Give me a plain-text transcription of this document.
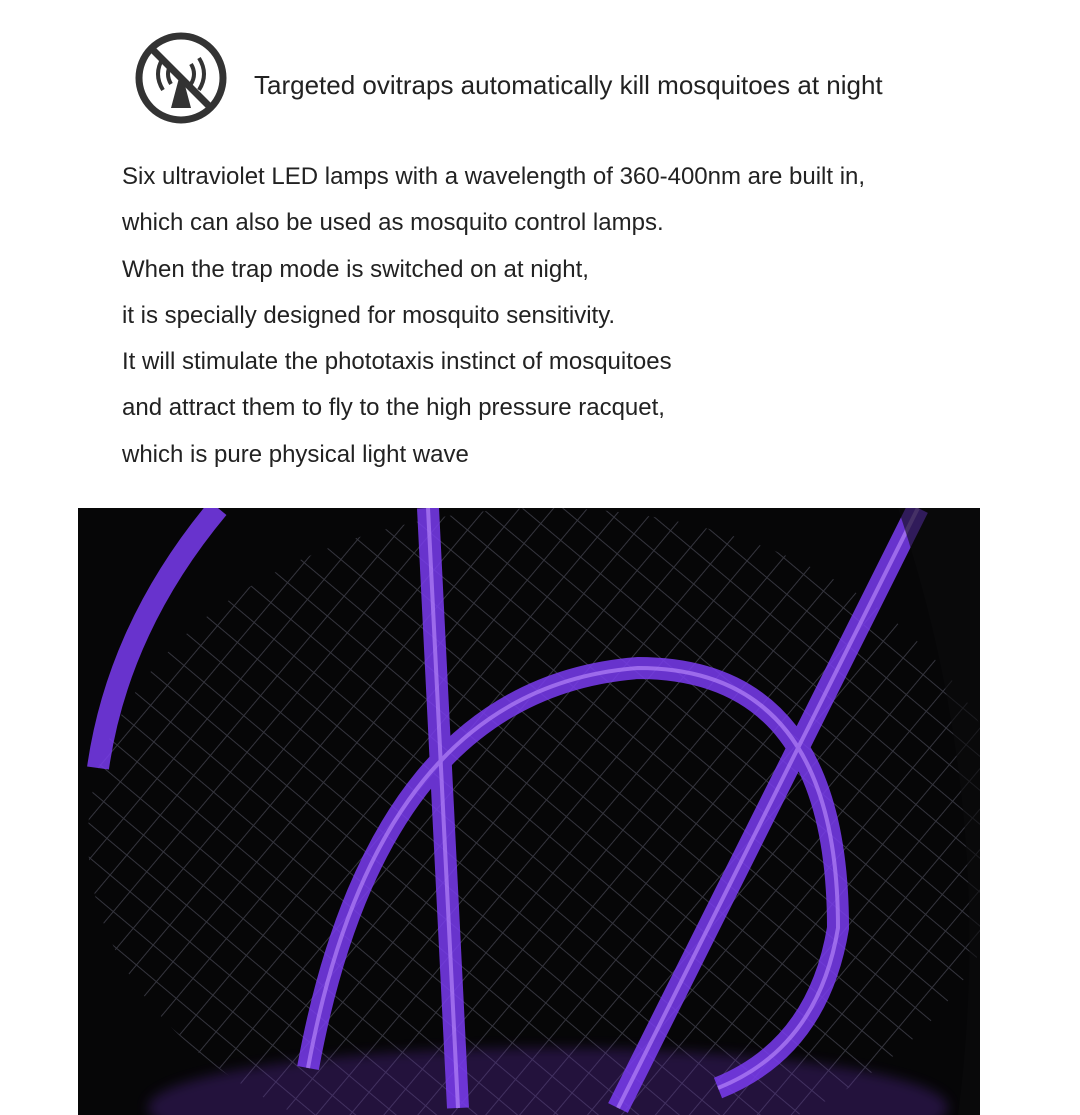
Targeted ovitraps automatically kill mosquitoes at night
Six ultraviolet LED lamps with a wavelength of 360-400nm are built in,
which can also be used as mosquito control lamps.
When the trap mode is switched on at night,
it is specially designed for mosquito sensitivity.
It will stimulate the phototaxis instinct of mosquitoes
and attract them to fly to the high pressure racquet,
which is pure physical light wave
